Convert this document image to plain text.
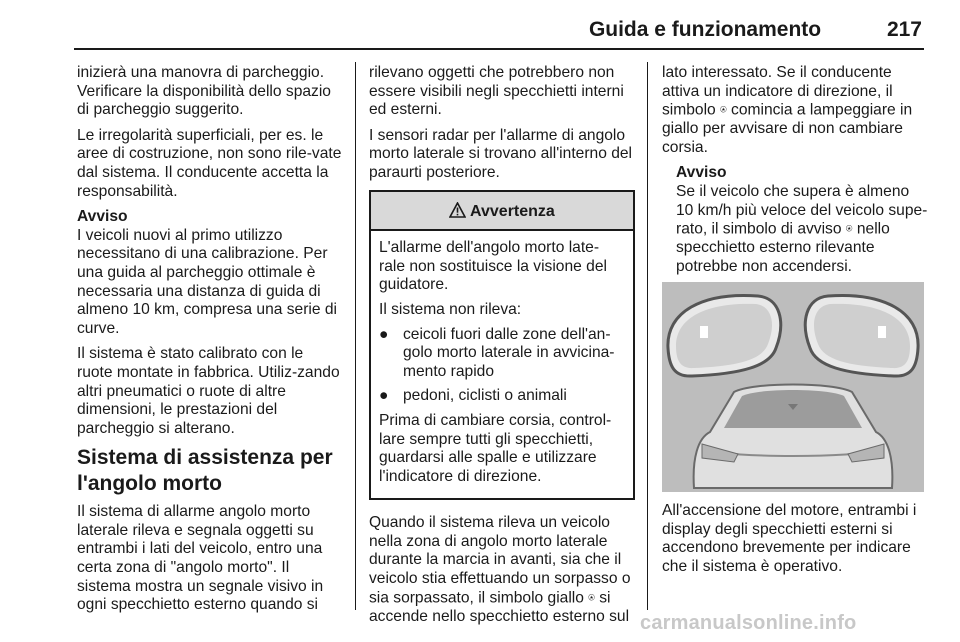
Guida e funzionamento	217

inizierà una manovra di parcheggio. Verificare la disponibilità dello spazio di parcheggio suggerito.

Le irregolarità superficiali, per es. le aree di costruzione, non sono rile-vate dal sistema. Il conducente accetta la responsabilità.

Avviso

I veicoli nuovi al primo utilizzo necessitano di una calibrazione. Per una guida al parcheggio ottimale è necessaria una distanza di guida di almeno 10 km, compresa una serie di curve.

Il sistema è stato calibrato con le ruote montate in fabbrica. Utiliz-zando altri pneumatici o ruote di altre dimensioni, le prestazioni del parcheggio si alterano.

Sistema di assistenza per l'angolo morto

Il sistema di allarme angolo morto laterale rileva e segnala oggetti su entrambi i lati del veicolo, entro una certa zona di "angolo morto". Il sistema mostra un segnale visivo in ogni specchietto esterno quando si

rilevano oggetti che potrebbero non essere visibili negli specchietti interni ed esterni.

I sensori radar per l'allarme di angolo morto laterale si trovano all'interno del paraurti posteriore.

Avvertenza

L'allarme dell'angolo morto late-rale non sostituisce la visione del guidatore.

Il sistema non rileva:

● ceicoli fuori dalle zone dell'an-golo morto laterale in avvicina-mento rapido
● pedoni, ciclisti o animali

Prima di cambiare corsia, control-lare sempre tutti gli specchietti, guardarsi alle spalle e utilizzare l'indicatore di direzione.

Quando il sistema rileva un veicolo nella zona di angolo morto laterale durante la marcia in avanti, sia che il veicolo stia effettuando un sorpasso o sia sorpassato, il simbolo giallo ⍟ si accende nello specchietto esterno sul

lato interessato. Se il conducente attiva un indicatore di direzione, il simbolo ⍟ comincia a lampeggiare in giallo per avvisare di non cambiare corsia.

Avviso

Se il veicolo che supera è almeno 10 km/h più veloce del veicolo supe-rato, il simbolo di avviso ⍟ nello specchietto esterno rilevante potrebbe non accendersi.

All'accensione del motore, entrambi i display degli specchietti esterni si accendono brevemente per indicare che il sistema è operativo.

carmanualsonline.info
